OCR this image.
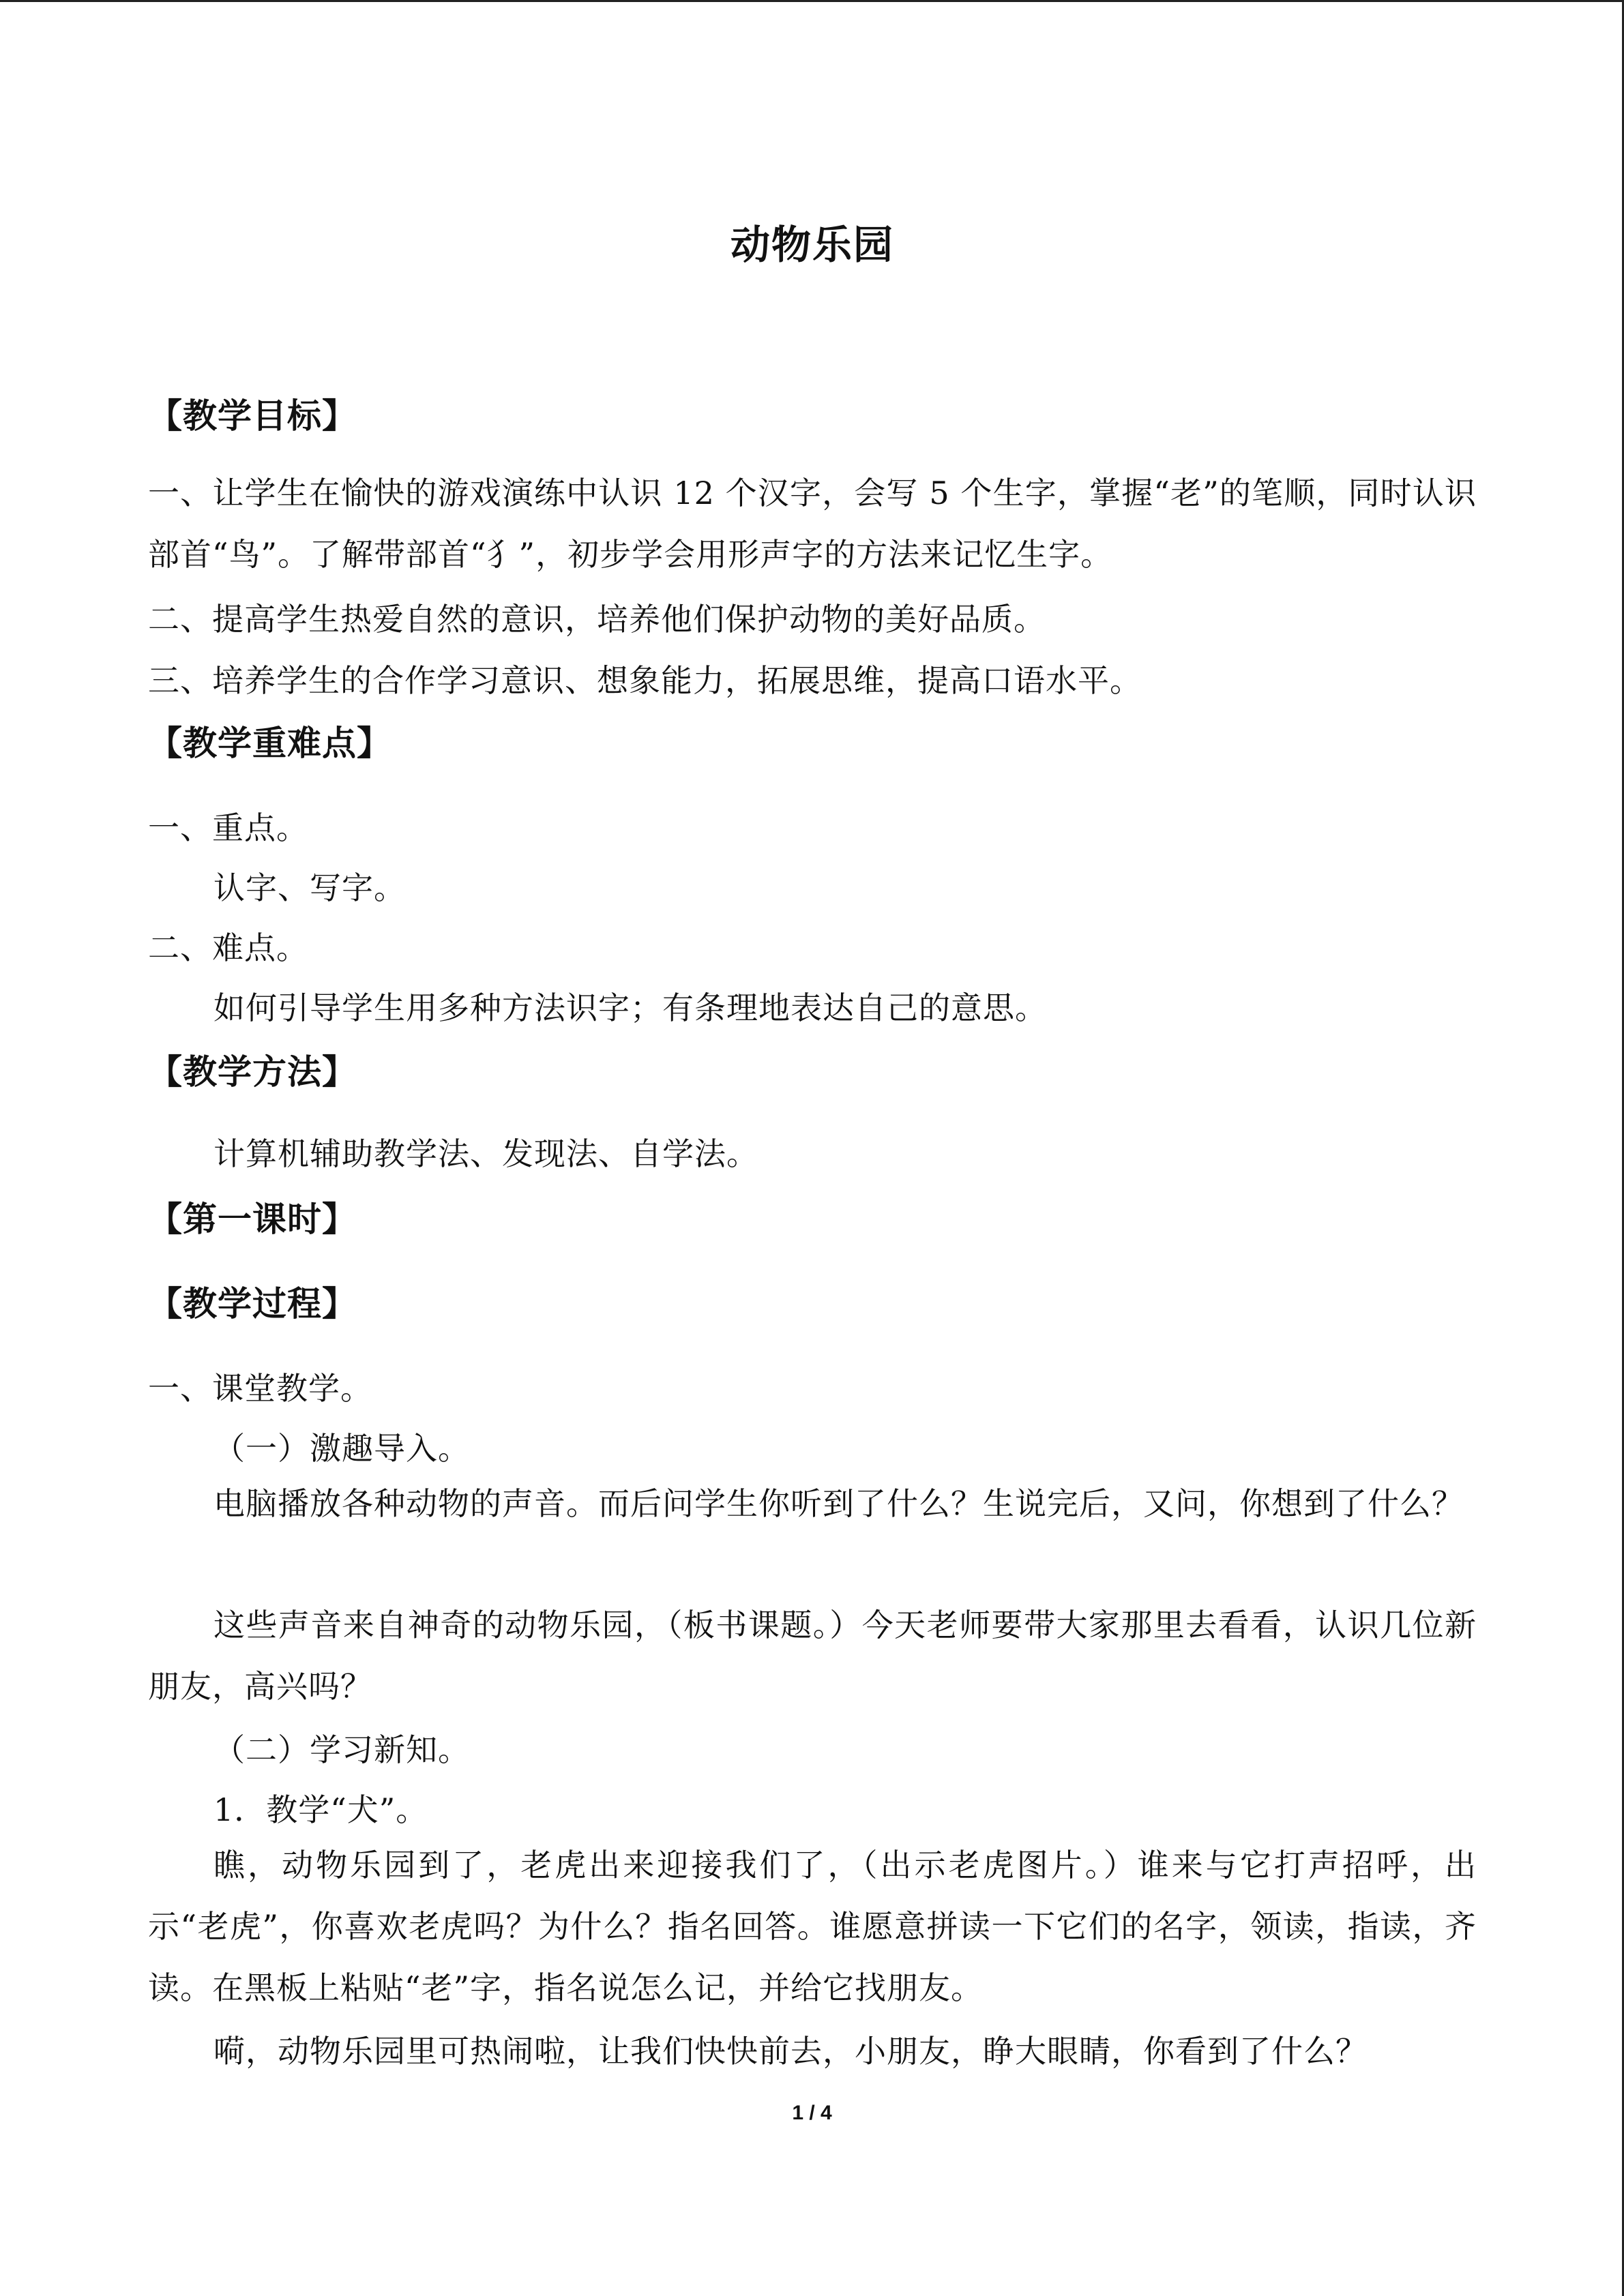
动物乐园
【教学目标】
一、让学生在愉快的游戏演练中认识 12 个汉字，会写 5 个生字，掌握“老”的笔顺，同时认识部首“鸟”。了解带部首“犭”，初步学会用形声字的方法来记忆生字。
二、提高学生热爱自然的意识，培养他们保护动物的美好品质。
三、培养学生的合作学习意识、想象能力，拓展思维，提高口语水平。
【教学重难点】
一、重点。
认字、写字。
二、难点。
如何引导学生用多种方法识字；有条理地表达自己的意思。
【教学方法】
计算机辅助教学法、发现法、自学法。
【第一课时】
【教学过程】
一、课堂教学。
（一）激趣导入。
电脑播放各种动物的声音。而后问学生你听到了什么？生说完后，又问，你想到了什么？
这些声音来自神奇的动物乐园，（板书课题。）今天老师要带大家那里去看看，认识几位新朋友，高兴吗？
（二）学习新知。
1．教学“犬”。
瞧，动物乐园到了，老虎出来迎接我们了，（出示老虎图片。）谁来与它打声招呼，出示“老虎”，你喜欢老虎吗？为什么？指名回答。谁愿意拼读一下它们的名字，领读，指读，齐读。在黑板上粘贴“老”字，指名说怎么记，并给它找朋友。
嗬，动物乐园里可热闹啦，让我们快快前去，小朋友，睁大眼睛，你看到了什么？
1 / 4
